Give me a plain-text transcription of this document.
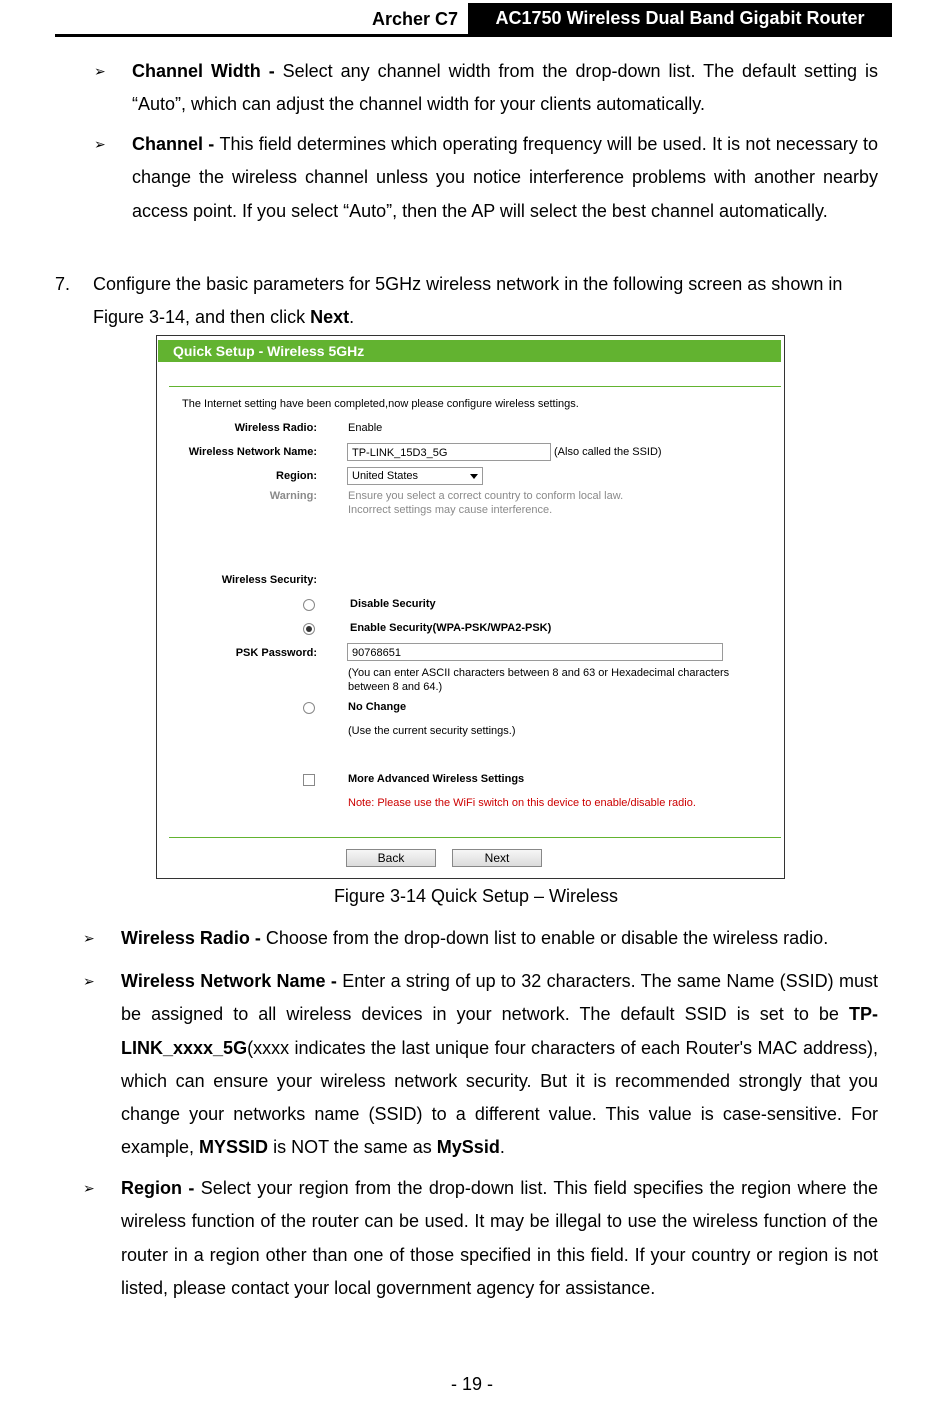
Archer C7	AC1750 Wireless Dual Band Gigabit Router
➢ Channel Width - Select any channel width from the drop-down list. The default setting is “Auto”, which can adjust the channel width for your clients automatically.
➢ Channel - This field determines which operating frequency will be used. It is not necessary to change the wireless channel unless you notice interference problems with another nearby access point. If you select “Auto”, then the AP will select the best channel automatically.
7. Configure the basic parameters for 5GHz wireless network in the following screen as shown in Figure 3-14, and then click Next.
Quick Setup - Wireless 5GHz
The Internet setting have been completed,now please configure wireless settings.
Wireless Radio:	Enable
Wireless Network Name:	TP-LINK_15D3_5G	(Also called the SSID)
Region:	United States
Warning:	Ensure you select a correct country to conform local law.
Incorrect settings may cause interference.
Wireless Security:
Disable Security
Enable Security(WPA-PSK/WPA2-PSK)
PSK Password:	90768651
(You can enter ASCII characters between 8 and 63 or Hexadecimal characters
between 8 and 64.)
No Change
(Use the current security settings.)
More Advanced Wireless Settings
Note: Please use the WiFi switch on this device to enable/disable radio.
Back	Next
Figure 3-14 Quick Setup – Wireless
➢ Wireless Radio - Choose from the drop-down list to enable or disable the wireless radio.
➢ Wireless Network Name - Enter a string of up to 32 characters. The same Name (SSID) must be assigned to all wireless devices in your network. The default SSID is set to be TP-LINK_xxxx_5G(xxxx indicates the last unique four characters of each Router's MAC address), which can ensure your wireless network security. But it is recommended strongly that you change your networks name (SSID) to a different value. This value is case-sensitive. For example, MYSSID is NOT the same as MySsid.
➢ Region - Select your region from the drop-down list. This field specifies the region where the wireless function of the router can be used. It may be illegal to use the wireless function of the router in a region other than one of those specified in this field. If your country or region is not listed, please contact your local government agency for assistance.
- 19 -
